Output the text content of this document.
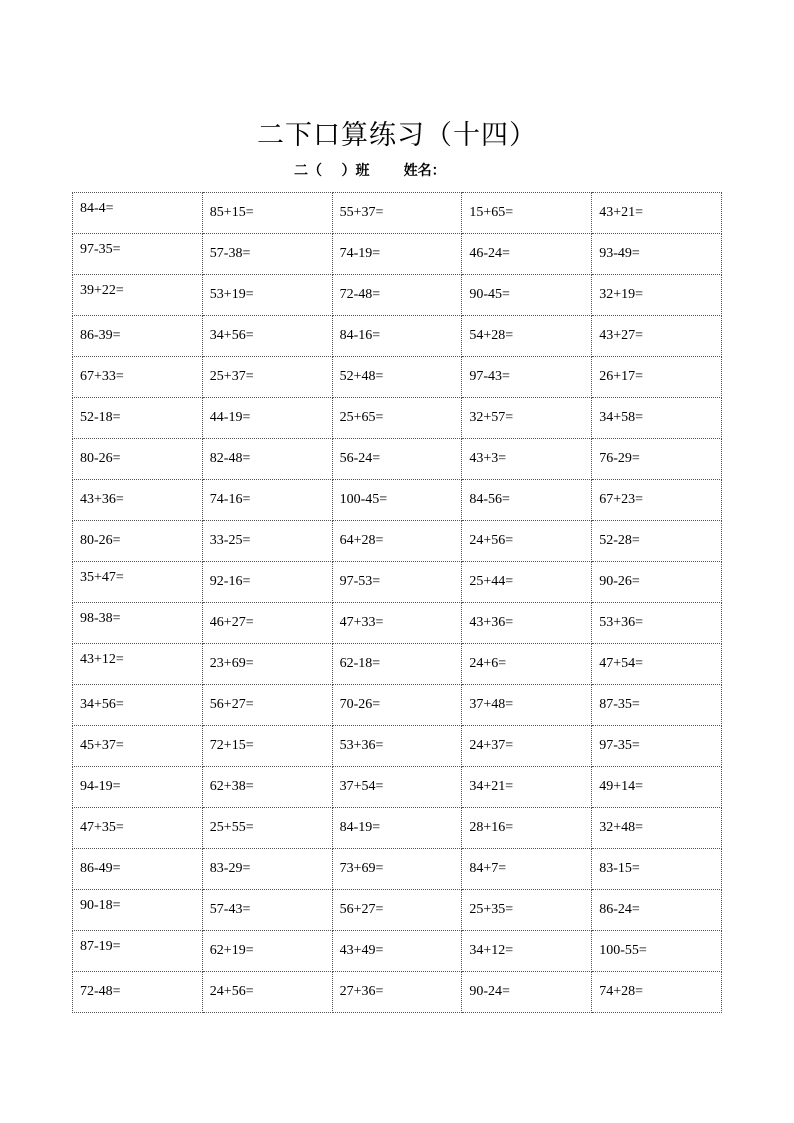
二下口算练习（十四）
二（    ）班       姓名：
84-4=	85+15=	55+37=	15+65=	43+21=
97-35=	57-38=	74-19=	46-24=	93-49=
39+22=	53+19=	72-48=	90-45=	32+19=
86-39=	34+56=	84-16=	54+28=	43+27=
67+33=	25+37=	52+48=	97-43=	26+17=
52-18=	44-19=	25+65=	32+57=	34+58=
80-26=	82-48=	56-24=	43+3=	76-29=
43+36=	74-16=	100-45=	84-56=	67+23=
80-26=	33-25=	64+28=	24+56=	52-28=
35+47=	92-16=	97-53=	25+44=	90-26=
98-38=	46+27=	47+33=	43+36=	53+36=
43+12=	23+69=	62-18=	24+6=	47+54=
34+56=	56+27=	70-26=	37+48=	87-35=
45+37=	72+15=	53+36=	24+37=	97-35=
94-19=	62+38=	37+54=	34+21=	49+14=
47+35=	25+55=	84-19=	28+16=	32+48=
86-49=	83-29=	73+69=	84+7=	83-15=
90-18=	57-43=	56+27=	25+35=	86-24=
87-19=	62+19=	43+49=	34+12=	100-55=
72-48=	24+56=	27+36=	90-24=	74+28=
